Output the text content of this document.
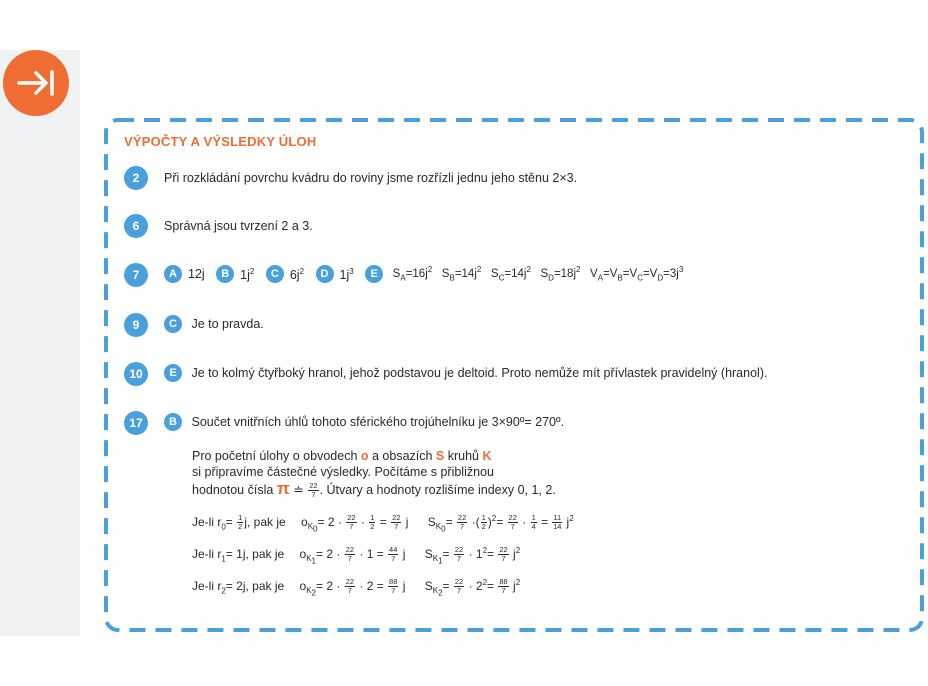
VÝPOČTY A VÝSLEDKY ÚLOH
2	Při rozkládání povrchu kvádru do roviny jsme rozřízli jednu jeho stěnu 2×3.
6	Správná jsou tvrzení 2 a 3.
7	A 12j B $1j^2$ C $6j^2$ D $1j^3$ E $S_A=16j^2$   $S_B=14j^2$   $S_C=14j^2$   $S_D=18j^2$   $V_A=V_B=V_C=V_D=3j^3$
9	C Je to pravda.
10	E Je to kolmý čtyřboký hranol, jehož podstavou je deltoid. Proto nemůže mít přívlastek pravidelný (hranol).
17	B Součet vnitřních úhlů tohoto sférického trojúhelníku je 3×90º= 270º.
Pro početní úlohy o obvodech o a obsazích S kruhů K
si připravíme částečné výsledky. Počítáme s přibližnou
hodnotou čísla π ≐ $\frac{22}{7}$ . Útvary a hodnoty rozlišíme indexy 0, 1, 2.
Je-li $r_0= \frac{1}{2} j$, pak je $o_{K_0}= 2 \cdot \frac{22}{7} \cdot \frac{1}{2} = \frac{22}{7}$ j $S_{K_0}= \frac{22}{7}$ ·( $\frac{1}{2} )^2= \frac{22}{7} \cdot \frac{1}{4} = \frac{11}{14} j^2$
Je-li $r_1= 1j$, pak je $o_{K_1}= 2 \cdot \frac{22}{7} \cdot 1 = \frac{44}{7}$ j $S_{K_1}= \frac{22}{7} \cdot 1^2= \frac{22}{7} j^2$
Je-li $r_2= 2j$, pak je $o_{K_2}= 2 \cdot \frac{22}{7} \cdot 2 = \frac{88}{7}$ j $S_{K_2}= \frac{22}{7} \cdot 2^2= \frac{88}{7} j^2$
